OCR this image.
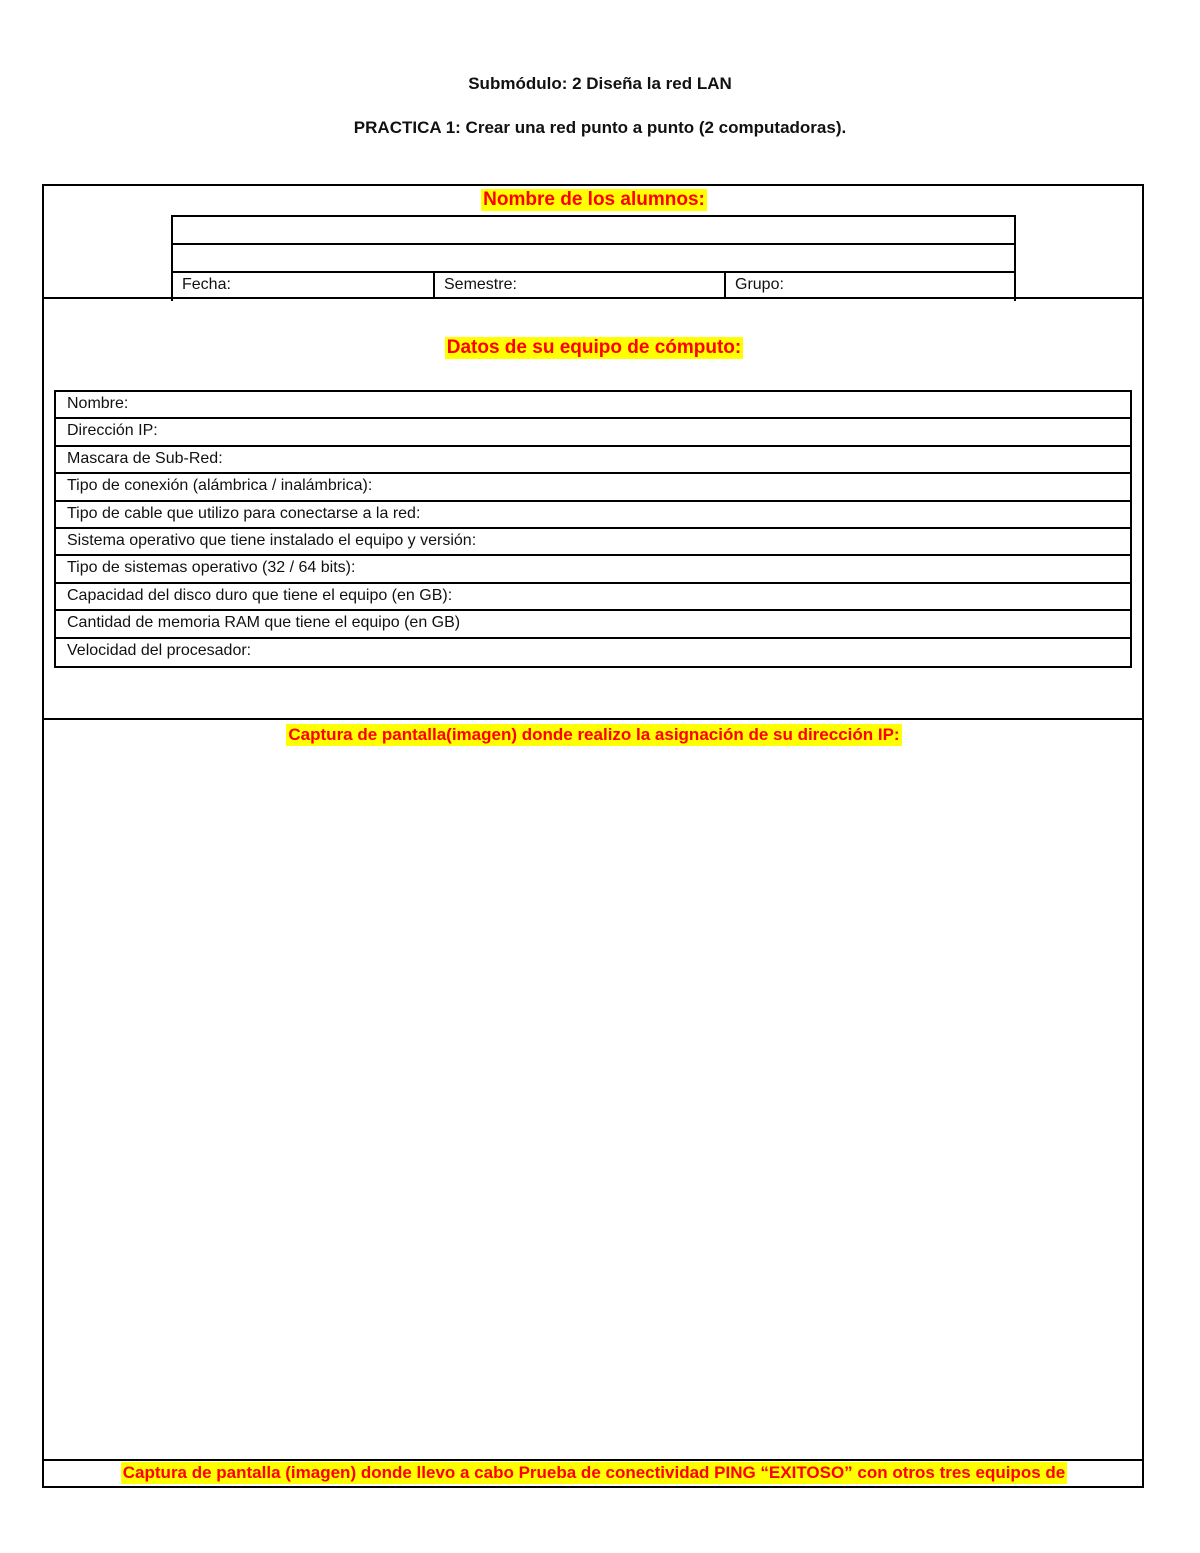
Submódulo: 2 Diseña la red LAN
PRACTICA 1: Crear una red punto a punto (2 computadoras).
Nombre de los alumnos:
Fecha:	Semestre:	Grupo:
Datos de su equipo de cómputo:
Nombre:
Dirección IP:
Mascara de Sub-Red:
Tipo de conexión (alámbrica / inalámbrica):
Tipo de cable que utilizo para conectarse a la red:
Sistema operativo que tiene instalado el equipo y versión:
Tipo de sistemas operativo (32 / 64 bits):
Capacidad del disco duro que tiene el equipo (en GB):
Cantidad de memoria RAM que tiene el equipo (en GB)
Velocidad del procesador:
Captura de pantalla(imagen) donde realizo la asignación de su dirección IP:
Captura de pantalla (imagen) donde llevo a cabo Prueba de conectividad PING “EXITOSO” con otros tres equipos de
